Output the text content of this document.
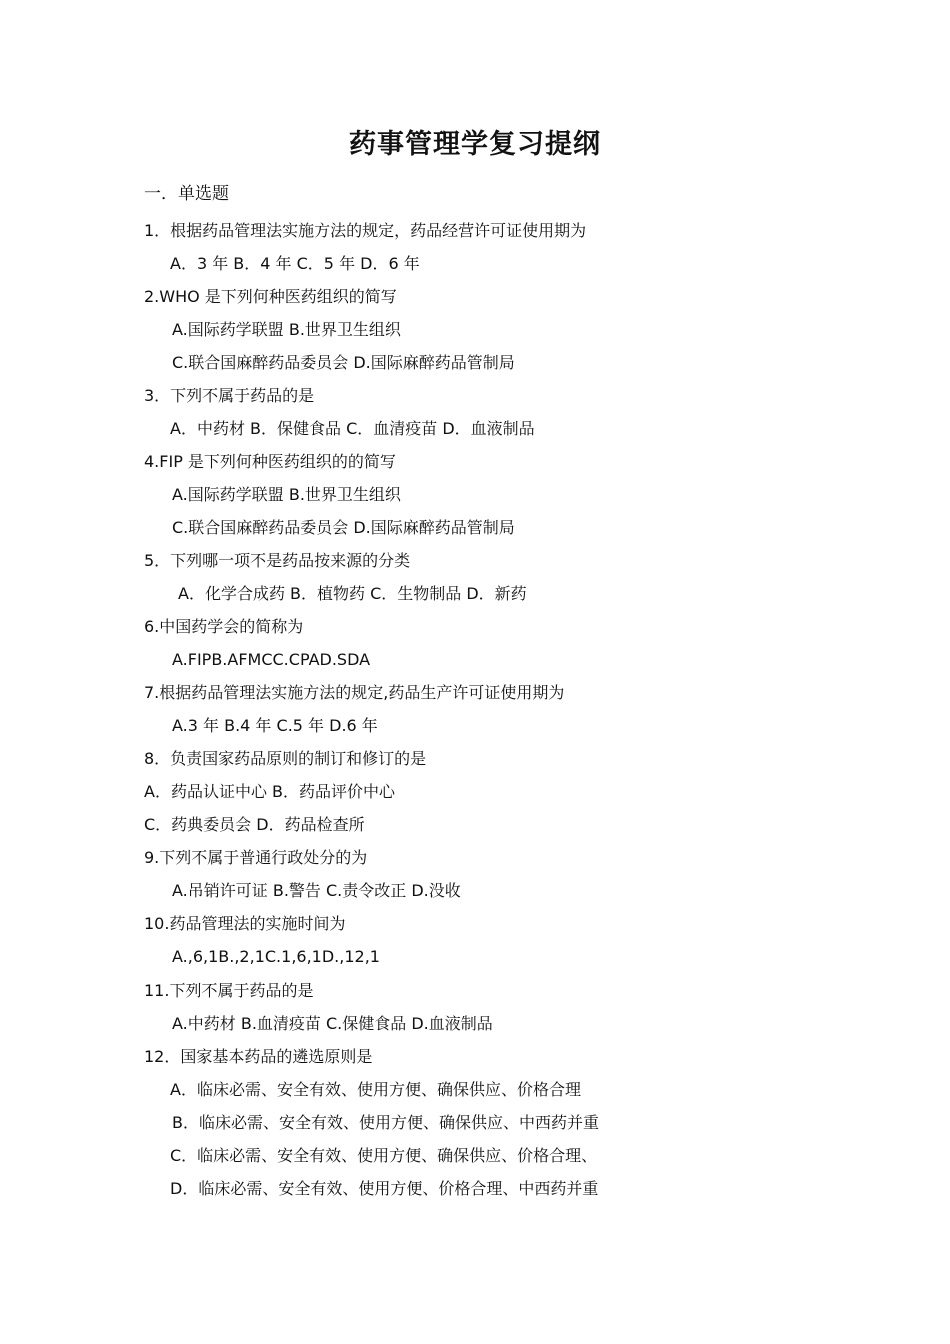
药事管理学复习提纲
一．单选题
1．根据药品管理法实施方法的规定，药品经营许可证使用期为
A．3 年 B．4 年 C．5 年 D．6 年
2.WHO 是下列何种医药组织的简写
A.国际药学联盟 B.世界卫生组织
C.联合国麻醉药品委员会 D.国际麻醉药品管制局
3．下列不属于药品的是
A．中药材 B．保健食品 C．血清疫苗 D．血液制品
4.FIP 是下列何种医药组织的的简写
A.国际药学联盟 B.世界卫生组织
C.联合国麻醉药品委员会 D.国际麻醉药品管制局
5．下列哪一项不是药品按来源的分类
A．化学合成药 B．植物药 C．生物制品 D．新药
6.中国药学会的简称为
A.FIPB.AFMCC.CPAD.SDA
7.根据药品管理法实施方法的规定,药品生产许可证使用期为
A.3 年 B.4 年 C.5 年 D.6 年
8．负责国家药品原则的制订和修订的是
A．药品认证中心 B．药品评价中心
C．药典委员会 D．药品检查所
9.下列不属于普通行政处分的为
A.吊销许可证 B.警告 C.责令改正 D.没收
10.药品管理法的实施时间为
A.,6,1B.,2,1C.1,6,1D.,12,1
11.下列不属于药品的是
A.中药材 B.血清疫苗 C.保健食品 D.血液制品
12．国家基本药品的遴选原则是
A．临床必需、安全有效、使用方便、确保供应、价格合理
B．临床必需、安全有效、使用方便、确保供应、中西药并重
C．临床必需、安全有效、使用方便、确保供应、价格合理、
D．临床必需、安全有效、使用方便、价格合理、中西药并重
